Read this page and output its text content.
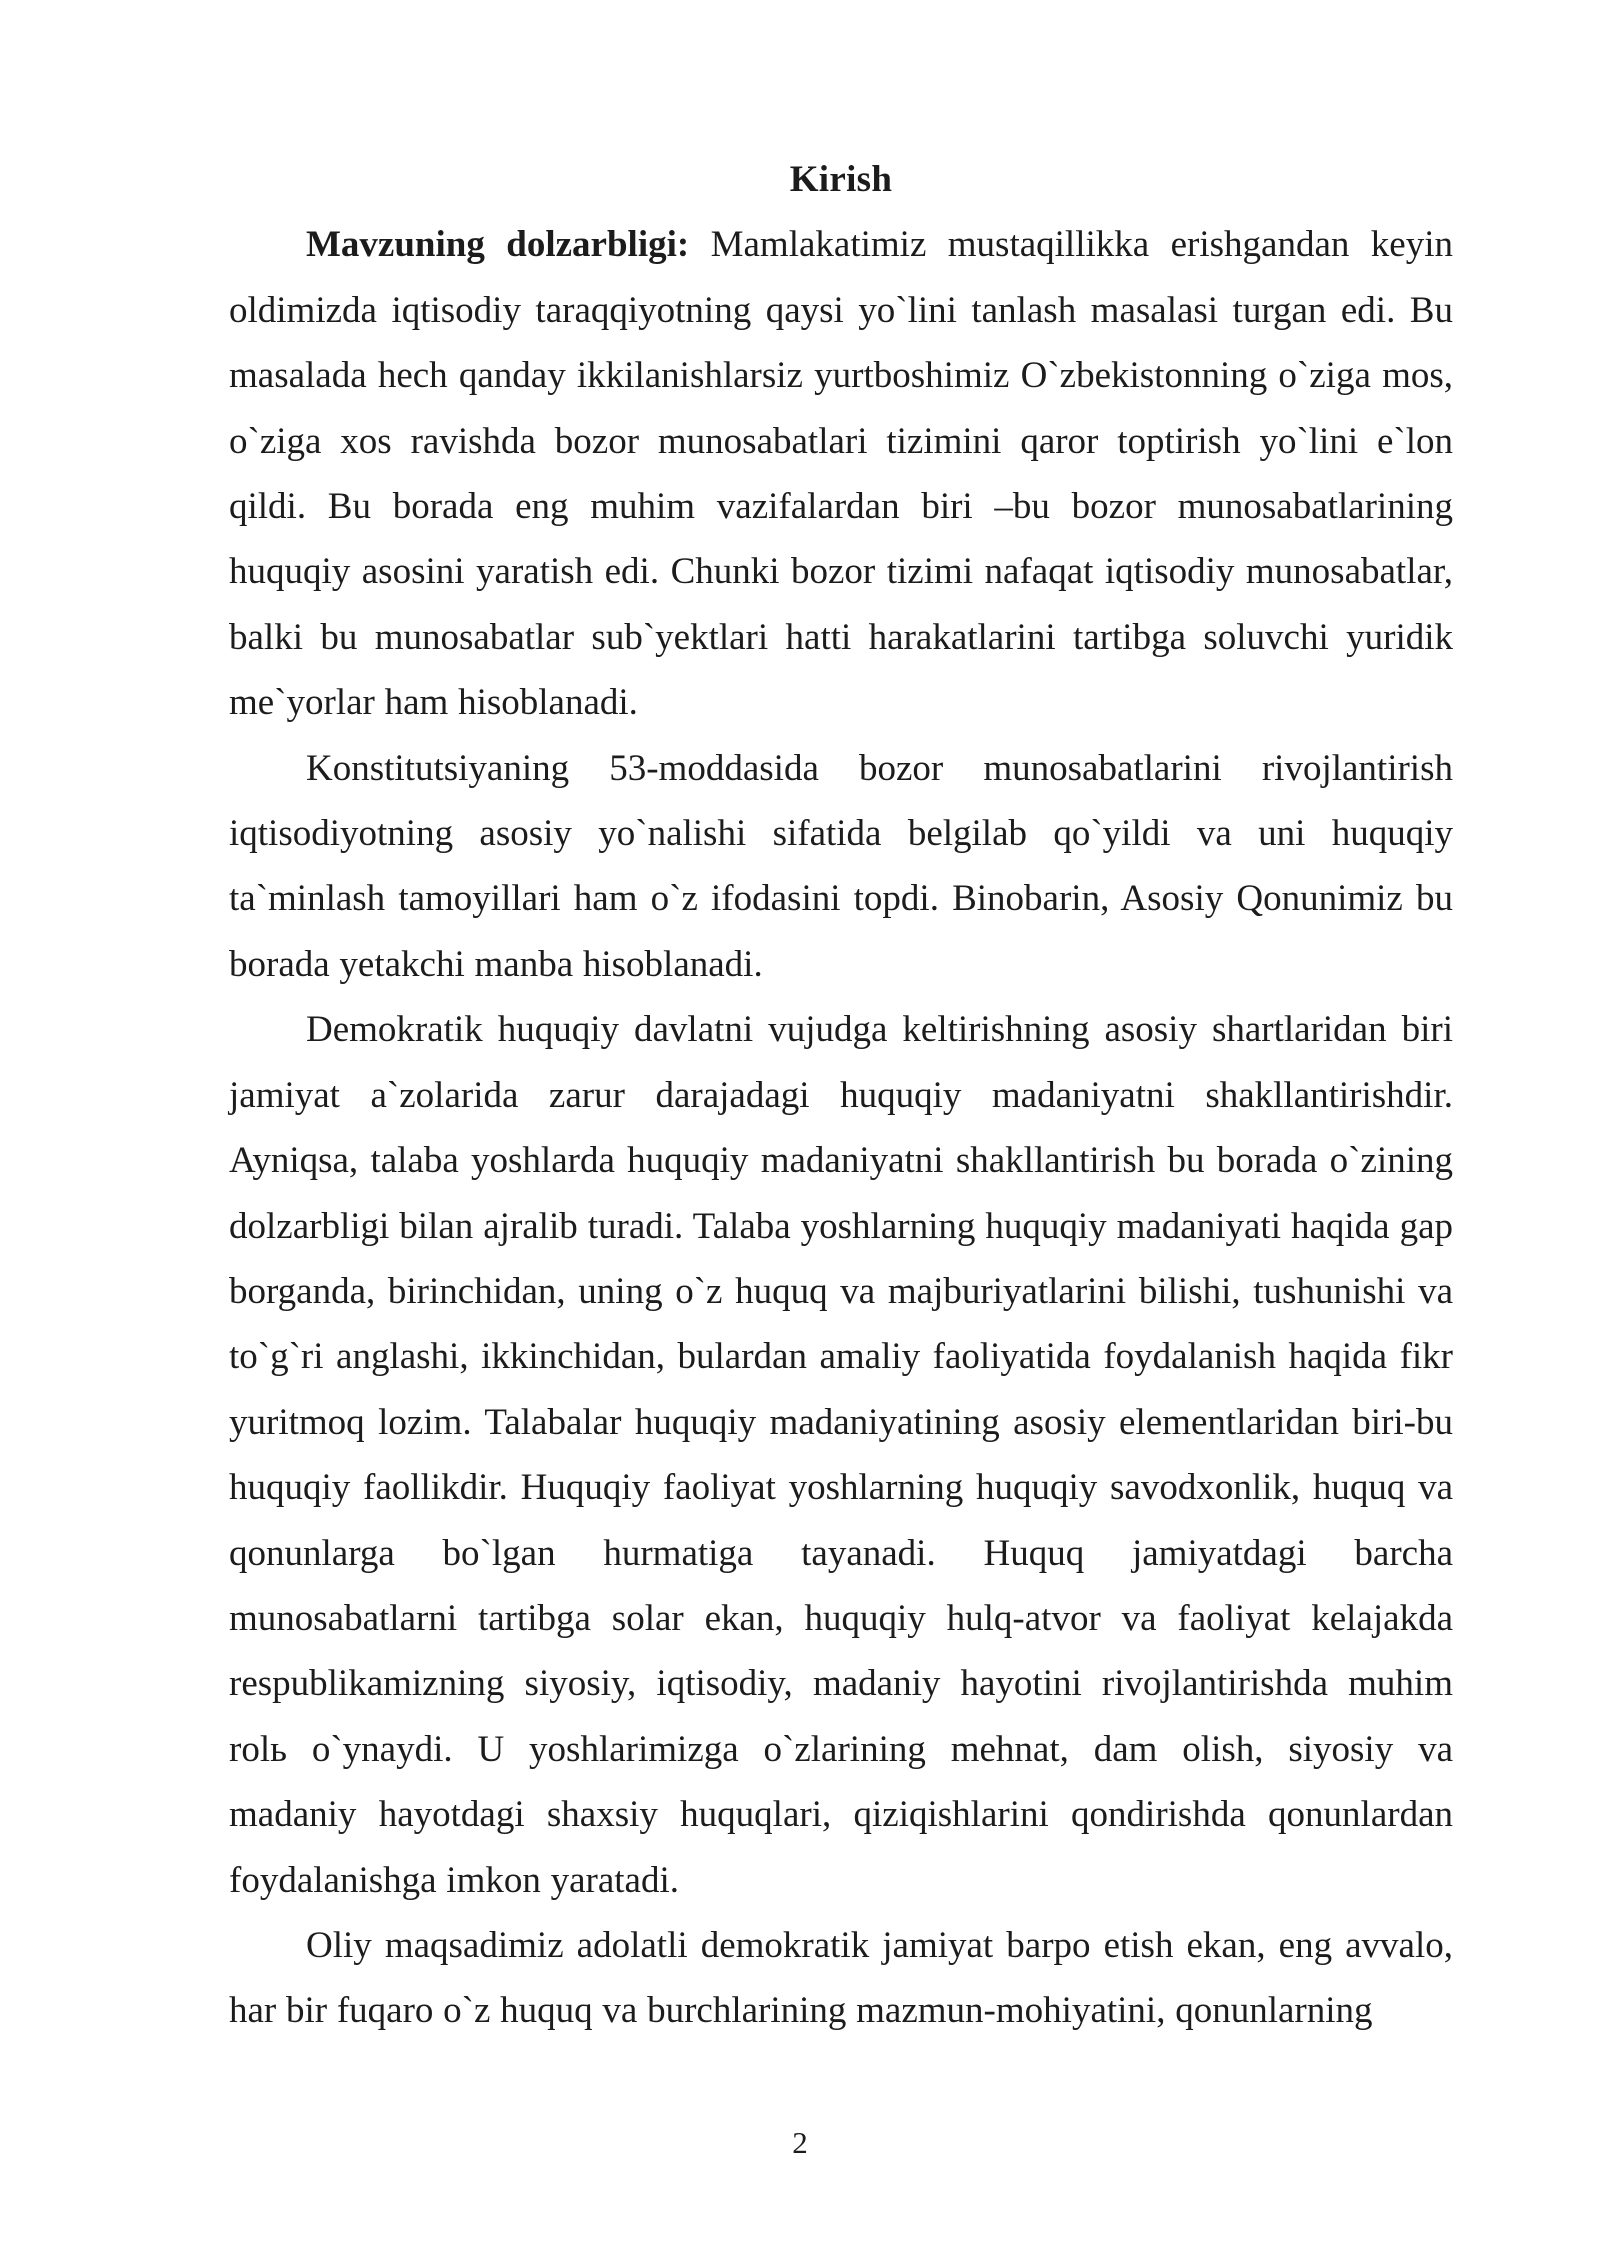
Kirish

Mavzuning dolzarbligi: Mamlakatimiz mustaqillikka erishgandan keyin oldimizda iqtisodiy taraqqiyotning qaysi yo`lini tanlash masalasi turgan edi. Bu masalada hech qanday ikkilanishlarsiz yurtboshimiz O`zbekistonning o`ziga mos, o`ziga xos ravishda bozor munosabatlari tizimini qaror toptirish yo`lini e`lon qildi. Bu borada eng muhim vazifalardan biri –bu bozor munosabatlarining huquqiy asosini yaratish edi. Chunki bozor tizimi nafaqat iqtisodiy munosabatlar, balki bu munosabatlar sub`yektlari hatti harakatlarini tartibga soluvchi yuridik me`yorlar ham hisoblanadi.

Konstitutsiyaning 53-moddasida bozor munosabatlarini rivojlantirish iqtisodiyotning asosiy yo`nalishi sifatida belgilab qo`yildi va uni huquqiy ta`minlash tamoyillari ham o`z ifodasini topdi. Binobarin, Asosiy Qonunimiz bu borada yetakchi manba hisoblanadi.

Demokratik huquqiy davlatni vujudga keltirishning asosiy shartlaridan biri jamiyat a`zolarida zarur darajadagi huquqiy madaniyatni shakllantirishdir. Ayniqsa, talaba yoshlarda huquqiy madaniyatni shakllantirish bu borada o`zining dolzarbligi bilan ajralib turadi. Talaba yoshlarning huquqiy madaniyati haqida gap borganda, birinchidan, uning o`z huquq va majburiyatlarini bilishi, tushunishi va to`g`ri anglashi, ikkinchidan, bulardan amaliy faoliyatida foydalanish haqida fikr yuritmoq lozim. Talabalar huquqiy madaniyatining asosiy elementlaridan biri-bu huquqiy faollikdir. Huquqiy faoliyat yoshlarning huquqiy savodxonlik, huquq va qonunlarga bo`lgan hurmatiga tayanadi. Huquq jamiyatdagi barcha munosabatlarni tartibga solar ekan, huquqiy hulq-atvor va faoliyat kelajakda respublikamizning siyosiy, iqtisodiy, madaniy hayotini rivojlantirishda muhim rolь o`ynaydi. U yoshlarimizga o`zlarining mehnat, dam olish, siyosiy va madaniy hayotdagi shaxsiy huquqlari, qiziqishlarini qondirishda qonunlardan foydalanishga imkon yaratadi.

Oliy maqsadimiz adolatli demokratik jamiyat barpo etish ekan, eng avvalo, har bir fuqaro o`z huquq va burchlarining mazmun-mohiyatini, qonunlarning

2
